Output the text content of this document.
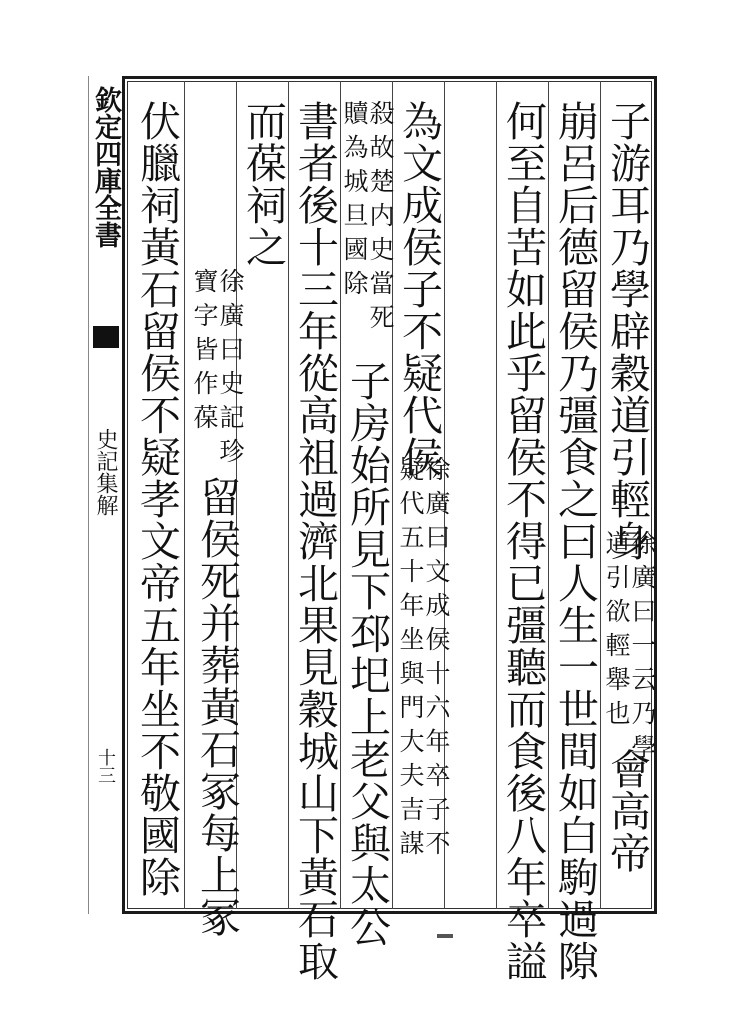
欽定四庫全書
史記集解
十三
子游耳乃學辟穀道引輕身
徐廣曰一云乃學
道引欲輕舉也
會高帝
崩呂后德留侯乃彊食之曰人生一世間如白駒過隙
何至自苦如此乎留侯不得已彊聽而食後八年卒謚
為文成侯子不疑代侯
徐廣曰文成侯十六年卒子不
疑代五十年坐與門大夫吉謀
殺故楚内史當死
贖為城旦國除
子房始所見下邳圯上老父與太公
書者後十三年從高祖過濟北果見穀城山下黃石取
而葆祠之
徐廣曰史記珍
寶字皆作葆
留侯死并葬黃石冢每上冢
伏臘祠黃石留侯不疑孝文帝五年坐不敬國除
